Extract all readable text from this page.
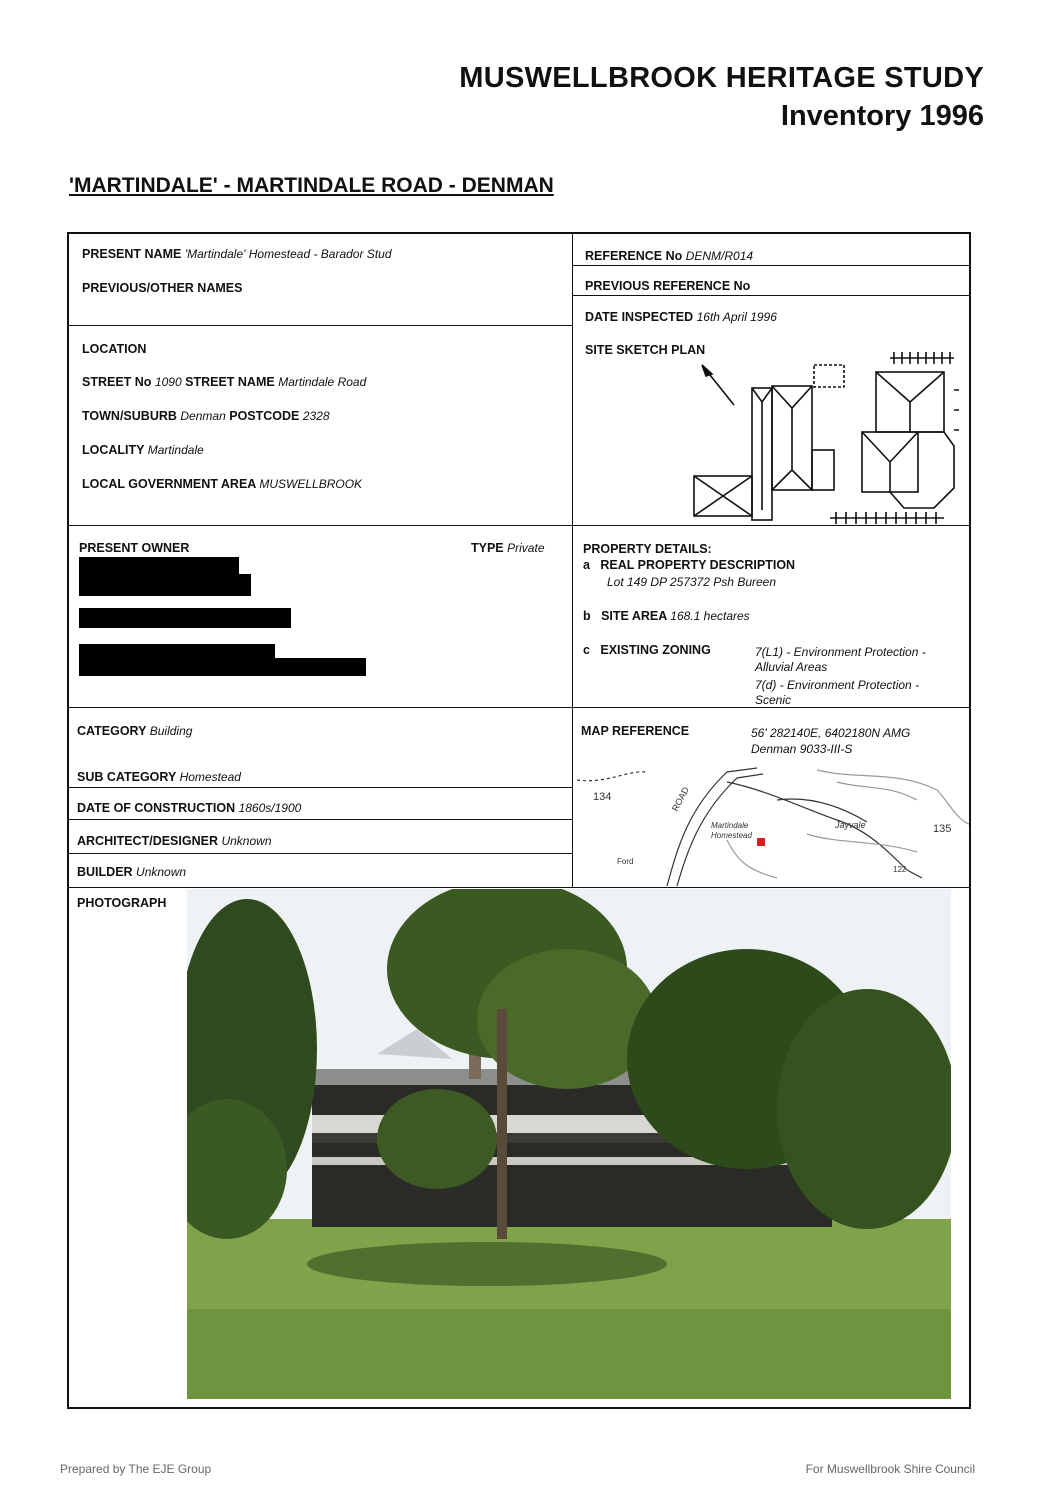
MUSWELLBROOK HERITAGE STUDY
Inventory 1996
'MARTINDALE' - MARTINDALE ROAD - DENMAN
PRESENT NAME 'Martindale' Homestead - Barador Stud
PREVIOUS/OTHER NAMES
REFERENCE No DENM/R014
PREVIOUS REFERENCE No
DATE INSPECTED 16th April 1996
LOCATION
STREET No 1090 STREET NAME Martindale Road
TOWN/SUBURB Denman POSTCODE 2328
LOCALITY Martindale
LOCAL GOVERNMENT AREA MUSWELLBROOK
SITE SKETCH PLAN
PRESENT OWNER	TYPE Private	PROPERTY DETAILS:
a REAL PROPERTY DESCRIPTION
Lot 149 DP 257372 Psh Bureen
b SITE AREA 168.1 hectares
c EXISTING ZONING	7(L1) - Environment Protection -
Alluvial Areas
7(d) - Environment Protection -
Scenic
CATEGORY Building
SUB CATEGORY Homestead
DATE OF CONSTRUCTION 1860s/1900
ARCHITECT/DESIGNER Unknown
BUILDER Unknown
MAP REFERENCE	56' 282140E, 6402180N AMG
Denman 9033-III-S
134
135
ROAD
Martindale
Homestead
Jayvale
122
Ford
PHOTOGRAPH
Prepared by The EJE Group	For Muswellbrook Shire Council
